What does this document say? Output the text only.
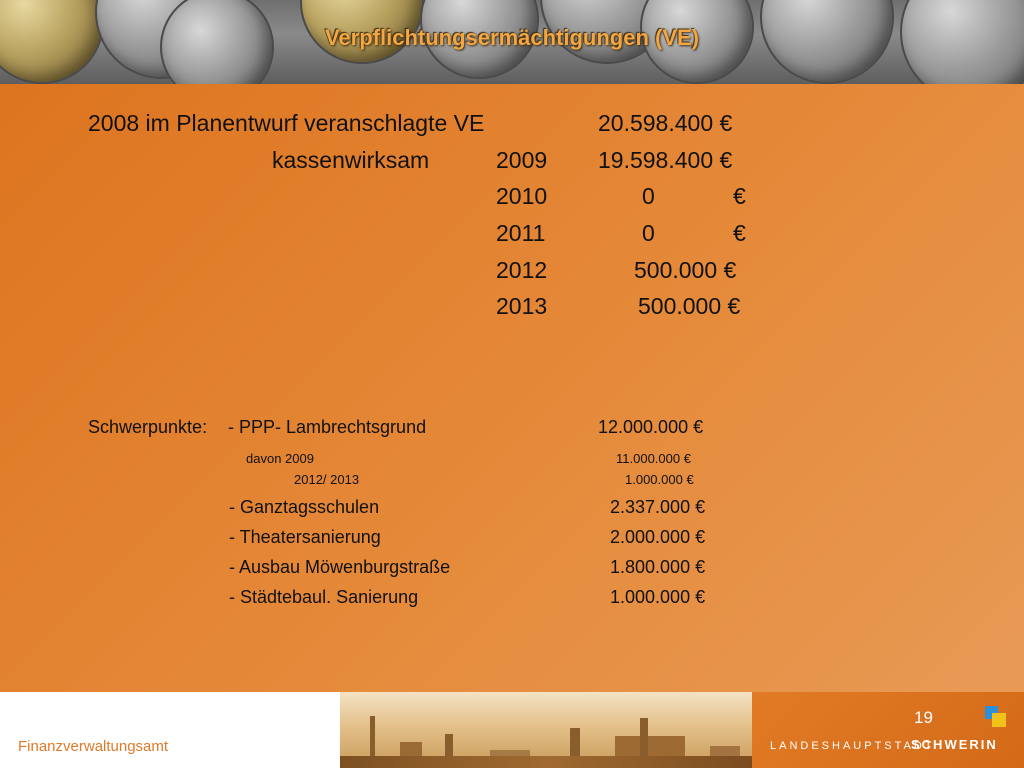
Verpflichtungsermächtigungen (VE)
2008 im Planentwurf veranschlagte VE	20.598.400 €
kassenwirksam	2009 19.598.400 €
2010	0	€
2011	0	€
2012	500.000 €
2013	500.000 €
Schwerpunkte: - PPP- Lambrechtsgrund	12.000.000 €
davon 2009	11.000.000 €
2012/ 2013	1.000.000 €
- Ganztagsschulen	2.337.000 €
- Theatersanierung	2.000.000 €
- Ausbau Möwenburgstraße	1.800.000 €
- Städtebaul. Sanierung	1.000.000 €
Finanzverwaltungsamt
19
LANDESHAUPTSTADT
SCHWERIN
